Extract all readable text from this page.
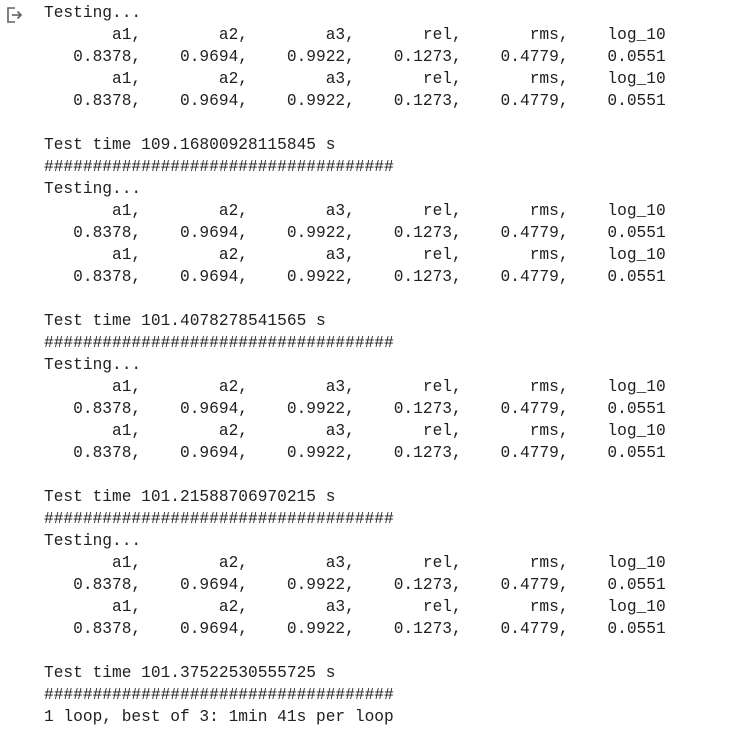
Testing...
a1,        a2,        a3,       rel,       rms,    log_10
0.8378,    0.9694,    0.9922,    0.1273,    0.4779,    0.0551
a1,        a2,        a3,       rel,       rms,    log_10
0.8378,    0.9694,    0.9922,    0.1273,    0.4779,    0.0551
Test time 109.16800928115845 s
####################################
Testing...
a1,        a2,        a3,       rel,       rms,    log_10
0.8378,    0.9694,    0.9922,    0.1273,    0.4779,    0.0551
a1,        a2,        a3,       rel,       rms,    log_10
0.8378,    0.9694,    0.9922,    0.1273,    0.4779,    0.0551
Test time 101.4078278541565 s
####################################
Testing...
a1,        a2,        a3,       rel,       rms,    log_10
0.8378,    0.9694,    0.9922,    0.1273,    0.4779,    0.0551
a1,        a2,        a3,       rel,       rms,    log_10
0.8378,    0.9694,    0.9922,    0.1273,    0.4779,    0.0551
Test time 101.21588706970215 s
####################################
Testing...
a1,        a2,        a3,       rel,       rms,    log_10
0.8378,    0.9694,    0.9922,    0.1273,    0.4779,    0.0551
a1,        a2,        a3,       rel,       rms,    log_10
0.8378,    0.9694,    0.9922,    0.1273,    0.4779,    0.0551
Test time 101.37522530555725 s
####################################
1 loop, best of 3: 1min 41s per loop
